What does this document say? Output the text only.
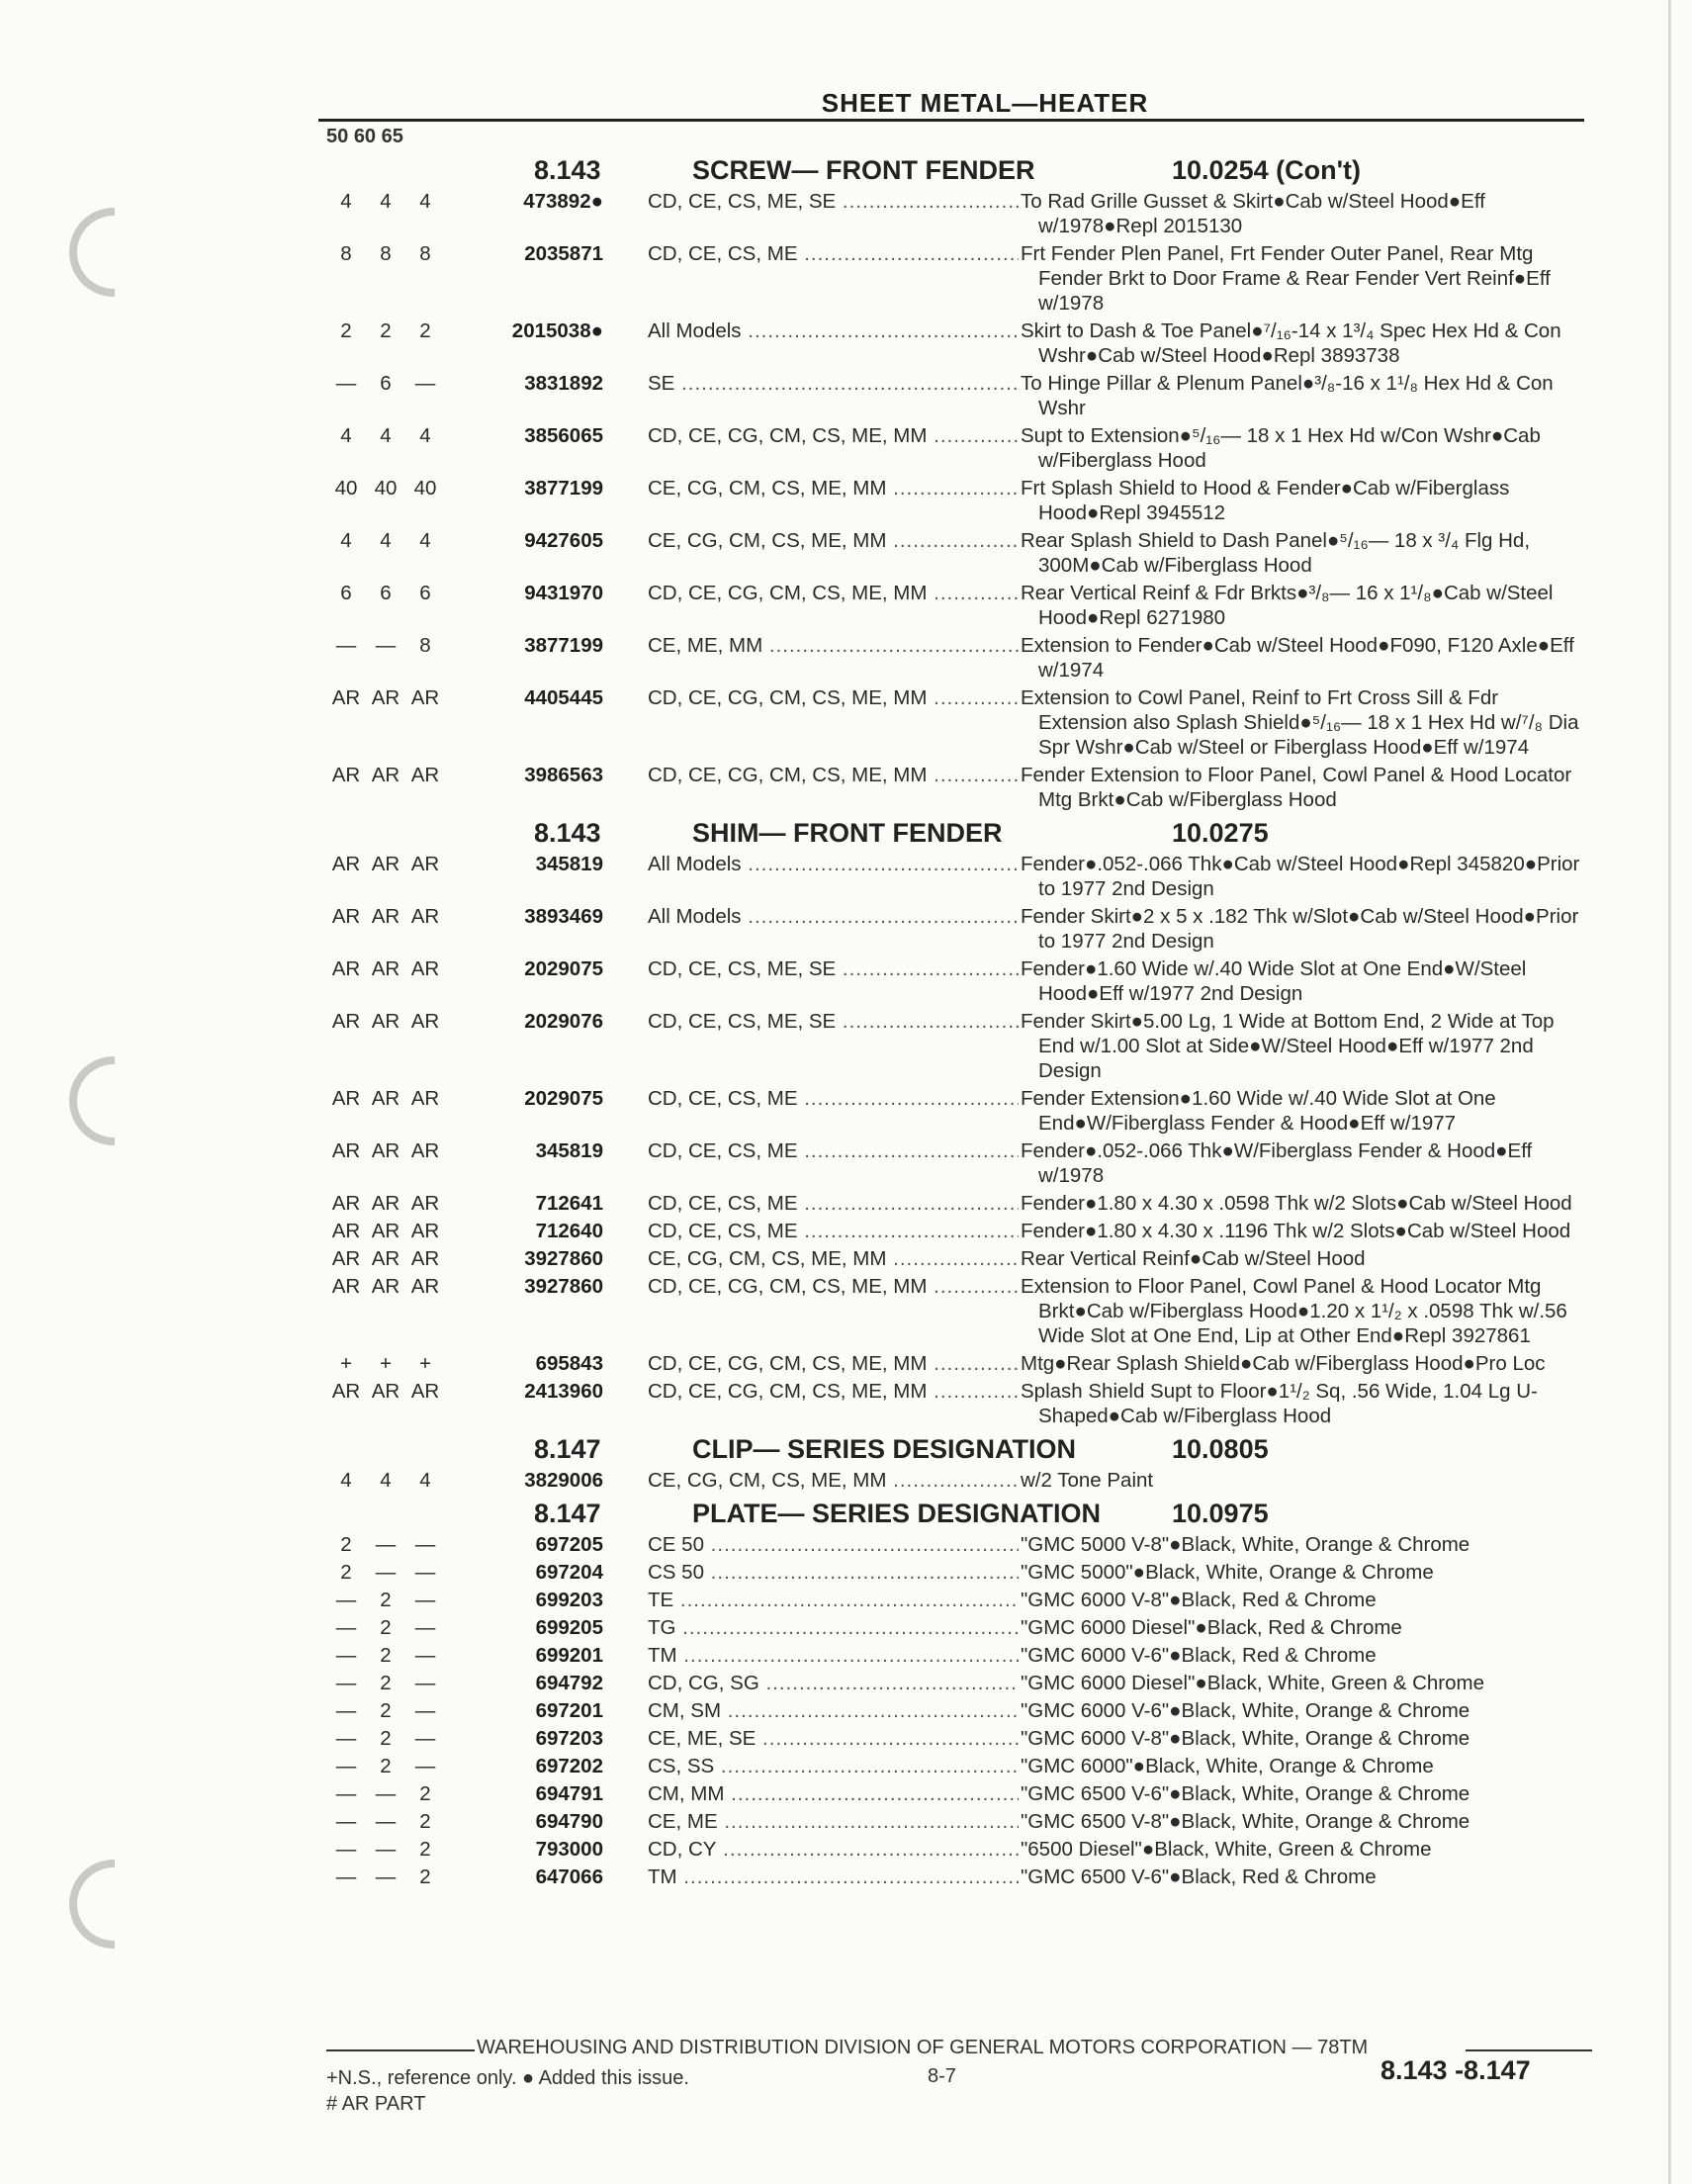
SHEET METAL—HEATER
50 60 65
8.143	SCREW— FRONT FENDER	10.0254 (Con't)
4	4	4	473892● CD, CE, CS, ME, SE .....	To Rad Grille Gusset & Skirt●Cab w/Steel Hood●Eff w/1978●Repl 2015130
8	8	8	2035871 CD, CE, CS, ME .....	Frt Fender Plen Panel, Frt Fender Outer Panel, Rear Mtg Fender Brkt to Door Frame & Rear Fender Vert Reinf●Eff w/1978
2	2	2	2015038● All Models .....	Skirt to Dash & Toe Panel●⁷/₁₆-14 x 1³/₄ Spec Hex Hd & Con Wshr●Cab w/Steel Hood●Repl 3893738
—	6	—	3831892 SE .....	To Hinge Pillar & Plenum Panel●³/₈-16 x 1¹/₈ Hex Hd & Con Wshr
4	4	4	3856065 CD, CE, CG, CM, CS, ME, MM .....	Supt to Extension●⁵/₁₆— 18 x 1 Hex Hd w/Con Wshr●Cab w/Fiberglass Hood
40 40 40	3877199 CE, CG, CM, CS, ME, MM .....	Frt Splash Shield to Hood & Fender●Cab w/Fiberglass Hood●Repl 3945512
4	4	4	9427605 CE, CG, CM, CS, ME, MM .....	Rear Splash Shield to Dash Panel●⁵/₁₆— 18 x ³/₄ Flg Hd, 300M●Cab w/Fiberglass Hood
6	6	6	9431970 CD, CE, CG, CM, CS, ME, MM .....	Rear Vertical Reinf & Fdr Brkts●³/₈— 16 x 1¹/₈●Cab w/Steel Hood●Repl 6271980
— —	8	3877199 CE, ME, MM .....	Extension to Fender●Cab w/Steel Hood●F090, F120 Axle●Eff w/1974
AR AR AR	4405445 CD, CE, CG, CM, CS, ME, MM .....	Extension to Cowl Panel, Reinf to Frt Cross Sill & Fdr Extension also Splash Shield●⁵/₁₆— 18 x 1 Hex Hd w/⁷/₈ Dia Spr Wshr●Cab w/Steel or Fiberglass Hood●Eff w/1974
AR AR AR	3986563 CD, CE, CG, CM, CS, ME, MM .....	Fender Extension to Floor Panel, Cowl Panel & Hood Locator Mtg Brkt●Cab w/Fiberglass Hood
8.143	SHIM— FRONT FENDER	10.0275
AR AR AR	345819 All Models .....	Fender●.052-.066 Thk●Cab w/Steel Hood●Repl 345820●Prior to 1977 2nd Design
AR AR AR	3893469 All Models .....	Fender Skirt●2 x 5 x .182 Thk w/Slot●Cab w/Steel Hood●Prior to 1977 2nd Design
AR AR AR	2029075 CD, CE, CS, ME, SE .....	Fender●1.60 Wide w/.40 Wide Slot at One End●W/Steel Hood●Eff w/1977 2nd Design
AR AR AR	2029076 CD, CE, CS, ME, SE .....	Fender Skirt●5.00 Lg, 1 Wide at Bottom End, 2 Wide at Top End w/1.00 Slot at Side●W/Steel Hood●Eff w/1977 2nd Design
AR AR AR	2029075 CD, CE, CS, ME .....	Fender Extension●1.60 Wide w/.40 Wide Slot at One End●W/Fiberglass Fender & Hood●Eff w/1977
AR AR AR	345819 CD, CE, CS, ME .....	Fender●.052-.066 Thk●W/Fiberglass Fender & Hood●Eff w/1978
AR AR AR	712641 CD, CE, CS, ME .....	Fender●1.80 x 4.30 x .0598 Thk w/2 Slots●Cab w/Steel Hood
AR AR AR	712640 CD, CE, CS, ME .....	Fender●1.80 x 4.30 x .1196 Thk w/2 Slots●Cab w/Steel Hood
AR AR AR	3927860 CE, CG, CM, CS, ME, MM .....	Rear Vertical Reinf●Cab w/Steel Hood
AR AR AR	3927860 CD, CE, CG, CM, CS, ME, MM .....	Extension to Floor Panel, Cowl Panel & Hood Locator Mtg Brkt●Cab w/Fiberglass Hood●1.20 x 1¹/₂ x .0598 Thk w/.56 Wide Slot at One End, Lip at Other End●Repl 3927861
+	+	+	695843 CD, CE, CG, CM, CS, ME, MM .....	Mtg●Rear Splash Shield●Cab w/Fiberglass Hood●Pro Loc
AR AR AR	2413960 CD, CE, CG, CM, CS, ME, MM .....	Splash Shield Supt to Floor●1¹/₂ Sq, .56 Wide, 1.04 Lg U-Shaped●Cab w/Fiberglass Hood
8.147	CLIP— SERIES DESIGNATION	10.0805
4	4	4	3829006 CE, CG, CM, CS, ME, MM .....	w/2 Tone Paint
8.147	PLATE— SERIES DESIGNATION	10.0975
2	— —	697205 CE 50 .....	"GMC 5000 V-8"●Black, White, Orange & Chrome
2	— —	697204 CS 50 .....	"GMC 5000"●Black, White, Orange & Chrome
—	2	—	699203 TE .....	"GMC 6000 V-8"●Black, Red & Chrome
—	2	—	699205 TG .....	"GMC 6000 Diesel"●Black, Red & Chrome
—	2	—	699201 TM .....	"GMC 6000 V-6"●Black, Red & Chrome
—	2	—	694792 CD, CG, SG .....	"GMC 6000 Diesel"●Black, White, Green & Chrome
—	2	—	697201 CM, SM .....	"GMC 6000 V-6"●Black, White, Orange & Chrome
—	2	—	697203 CE, ME, SE .....	"GMC 6000 V-8"●Black, White, Orange & Chrome
—	2	—	697202 CS, SS .....	"GMC 6000"●Black, White, Orange & Chrome
— —	2	694791 CM, MM .....	"GMC 6500 V-6"●Black, White, Orange & Chrome
— —	2	694790 CE, ME .....	"GMC 6500 V-8"●Black, White, Orange & Chrome
— —	2	793000 CD, CY .....	"6500 Diesel"●Black, White, Green & Chrome
— —	2	647066 TM .....	"GMC 6500 V-6"●Black, Red & Chrome
WAREHOUSING AND DISTRIBUTION DIVISION OF GENERAL MOTORS CORPORATION — 78TM
+N.S., reference only. ● Added this issue.
# AR PART
8-7	8.143 -8.147
